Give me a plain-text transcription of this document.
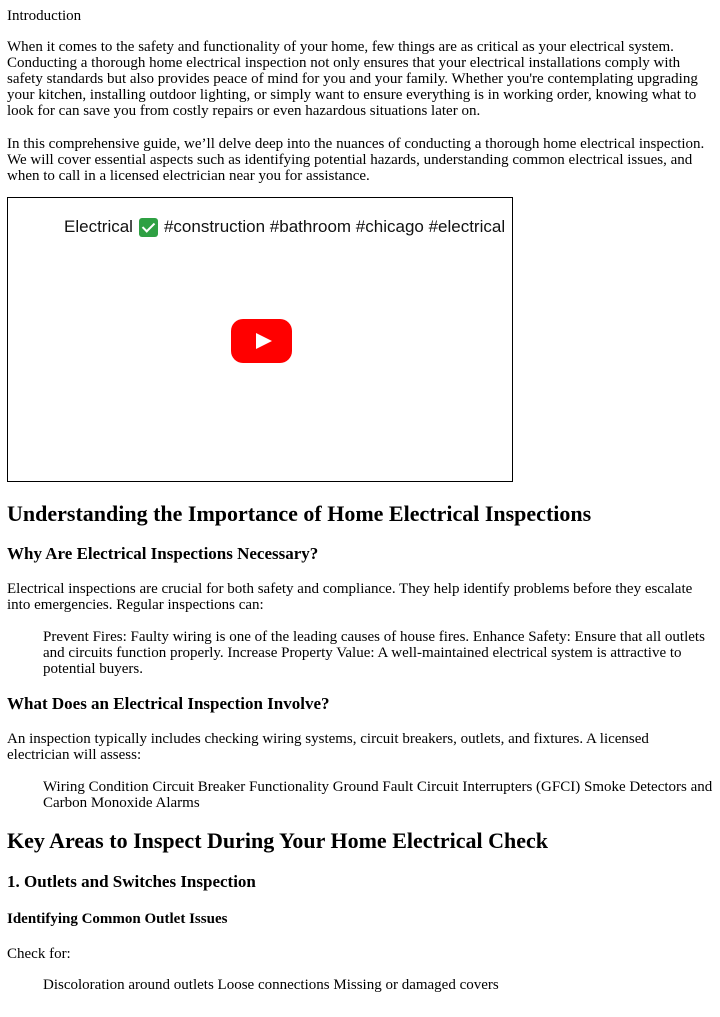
Introduction

When it comes to the safety and functionality of your home, few things are as critical as your electrical system. Conducting a thorough home electrical inspection not only ensures that your electrical installations comply with safety standards but also provides peace of mind for you and your family. Whether you're contemplating upgrading your kitchen, installing outdoor lighting, or simply want to ensure everything is in working order, knowing what to look for can save you from costly repairs or even hazardous situations later on.

In this comprehensive guide, we’ll delve deep into the nuances of conducting a thorough home electrical inspection. We will cover essential aspects such as identifying potential hazards, understanding common electrical issues, and when to call in a licensed electrician near you for assistance.

Electrical #construction #bathroom #chicago #electrical
Understanding the Importance of Home Electrical Inspections
Why Are Electrical Inspections Necessary?

Electrical inspections are crucial for both safety and compliance. They help identify problems before they escalate into emergencies. Regular inspections can:

Prevent Fires: Faulty wiring is one of the leading causes of house fires. Enhance Safety: Ensure that all outlets and circuits function properly. Increase Property Value: A well-maintained electrical system is attractive to potential buyers.

What Does an Electrical Inspection Involve?

An inspection typically includes checking wiring systems, circuit breakers, outlets, and fixtures. A licensed electrician will assess:

Wiring Condition Circuit Breaker Functionality Ground Fault Circuit Interrupters (GFCI) Smoke Detectors and Carbon Monoxide Alarms

Key Areas to Inspect During Your Home Electrical Check
1. Outlets and Switches Inspection
Identifying Common Outlet Issues

Check for:

Discoloration around outlets Loose connections Missing or damaged covers
